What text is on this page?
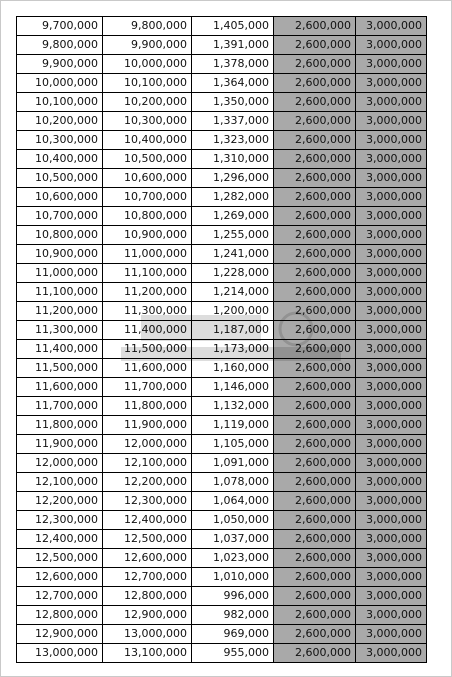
9,700,000	9,800,000	1,405,000	2,600,000	3,000,000
9,800,000	9,900,000	1,391,000	2,600,000	3,000,000
9,900,000	10,000,000	1,378,000	2,600,000	3,000,000
10,000,000	10,100,000	1,364,000	2,600,000	3,000,000
10,100,000	10,200,000	1,350,000	2,600,000	3,000,000
10,200,000	10,300,000	1,337,000	2,600,000	3,000,000
10,300,000	10,400,000	1,323,000	2,600,000	3,000,000
10,400,000	10,500,000	1,310,000	2,600,000	3,000,000
10,500,000	10,600,000	1,296,000	2,600,000	3,000,000
10,600,000	10,700,000	1,282,000	2,600,000	3,000,000
10,700,000	10,800,000	1,269,000	2,600,000	3,000,000
10,800,000	10,900,000	1,255,000	2,600,000	3,000,000
10,900,000	11,000,000	1,241,000	2,600,000	3,000,000
11,000,000	11,100,000	1,228,000	2,600,000	3,000,000
11,100,000	11,200,000	1,214,000	2,600,000	3,000,000
11,200,000	11,300,000	1,200,000	2,600,000	3,000,000
11,300,000	11,400,000	1,187,000	2,600,000	3,000,000
11,400,000	11,500,000	1,173,000	2,600,000	3,000,000
11,500,000	11,600,000	1,160,000	2,600,000	3,000,000
11,600,000	11,700,000	1,146,000	2,600,000	3,000,000
11,700,000	11,800,000	1,132,000	2,600,000	3,000,000
11,800,000	11,900,000	1,119,000	2,600,000	3,000,000
11,900,000	12,000,000	1,105,000	2,600,000	3,000,000
12,000,000	12,100,000	1,091,000	2,600,000	3,000,000
12,100,000	12,200,000	1,078,000	2,600,000	3,000,000
12,200,000	12,300,000	1,064,000	2,600,000	3,000,000
12,300,000	12,400,000	1,050,000	2,600,000	3,000,000
12,400,000	12,500,000	1,037,000	2,600,000	3,000,000
12,500,000	12,600,000	1,023,000	2,600,000	3,000,000
12,600,000	12,700,000	1,010,000	2,600,000	3,000,000
12,700,000	12,800,000	996,000	2,600,000	3,000,000
12,800,000	12,900,000	982,000	2,600,000	3,000,000
12,900,000	13,000,000	969,000	2,600,000	3,000,000
13,000,000	13,100,000	955,000	2,600,000	3,000,000
